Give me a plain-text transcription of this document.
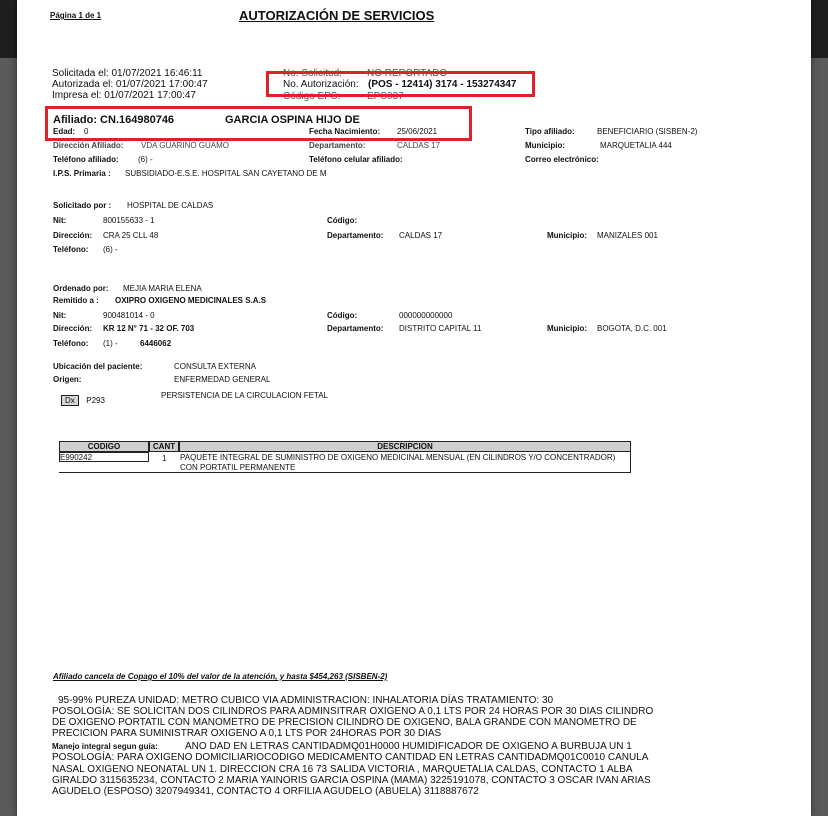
Página 1 de 1	AUTORIZACIÓN DE SERVICIOS
Solicitada el: 01/07/2021 16:46:11
Autorizada el: 01/07/2021 17:00:47
Impresa el: 01/07/2021 17:00:47
No. Solicitud:	NO REPORTADO
No. Autorización: (POS - 12414) 3174 - 153274347
Código EPS:	EPS037
Afiliado: CN.164980746	GARCIA OSPINA HIJO DE
Edad: 0	Fecha Nacimiento: 25/06/2021	Tipo afiliado:	BENEFICIARIO (SISBEN-2)
Dirección Afiliado: VDA GUARINO GUAMO	Departamento:	CALDAS 17	Municipio:	MARQUETALIA 444
Teléfono afiliado: (6) -	Teléfono celular afiliado:	Correo electrónico:
I.P.S. Primaria : SUBSIDIADO-E.S.E. HOSPITAL SAN CAYETANO DE M
Solicitado por : HOSPITAL DE CALDAS
Nit:	800155633 - 1	Código:
Dirección: CRA 25 CLL 48	Departamento: CALDAS 17	Municipio: MANIZALES 001
Teléfono: (6) -
Ordenado por: MEJIA MARIA ELENA
Remitido a : OXIPRO OXIGENO MEDICINALES S.A.S
Nit:	900481014 - 0	Código:	000000000000
Dirección: KR 12 N° 71 - 32 OF. 703	Departamento: DISTRITO CAPITAL 11	Municipio: BOGOTA, D.C. 001
Teléfono: (1) -	6446062
Ubicación del paciente:	CONSULTA EXTERNA
Origen:	ENFERMEDAD GENERAL
Dx P293
PERSISTENCIA DE LA CIRCULACION FETAL
CODIGO	CANT	DESCRIPCION
E990242	1 PAQUETE INTEGRAL DE SUMINISTRO DE OXIGENO MEDICINAL MENSUAL (EN CILINDROS Y/O CONCENTRADOR)
CON PORTATIL PERMANENTE
Afiliado cancela de Copago el 10% del valor de la atención, y hasta $454,263 (SISBEN-2)
95-99% PUREZA UNIDAD: METRO CUBICO VIA ADMINISTRACION: INHALATORIA DÍAS TRATAMIENTO: 30
POSOLOGÍA: SE SOLICITAN DOS CILINDROS PARA ADMINSITRAR OXIGENO A 0,1 LTS POR 24 HORAS POR 30 DIAS CILINDRO
DE OXIGENO PORTATIL CON MANOMETRO DE PRECISION CILINDRO DE OXIGENO, BALA GRANDE CON MANOMETRO DE
PRECICION PARA SUMINISTRAR OXIGENO A 0,1 LTS POR 24HORAS POR 30 DIAS
Manejo integral segun guía:	ANO DAD EN LETRAS CANTIDADMQ01H0000 HUMIDIFICADOR DE OXIGENO A BURBUJA UN 1
POSOLOGÍA: PARA OXIGENO DOMICILIARIOCODIGO MEDICAMENTO CANTIDAD EN LETRAS CANTIDADMQ01C0010 CANULA
NASAL OXIGENO NEONATAL UN 1. DIRECCION CRA 16 73 SALIDA VICTORIA , MARQUETALIA CALDAS, CONTACTO 1 ALBA
GIRALDO 3115635234, CONTACTO 2 MARIA YAINORIS GARCIA OSPINA (MAMA) 3225191078, CONTACTO 3 OSCAR IVAN ARIAS
AGUDELO (ESPOSO) 3207949341, CONTACTO 4 ORFILIA AGUDELO (ABUELA) 3118887672
